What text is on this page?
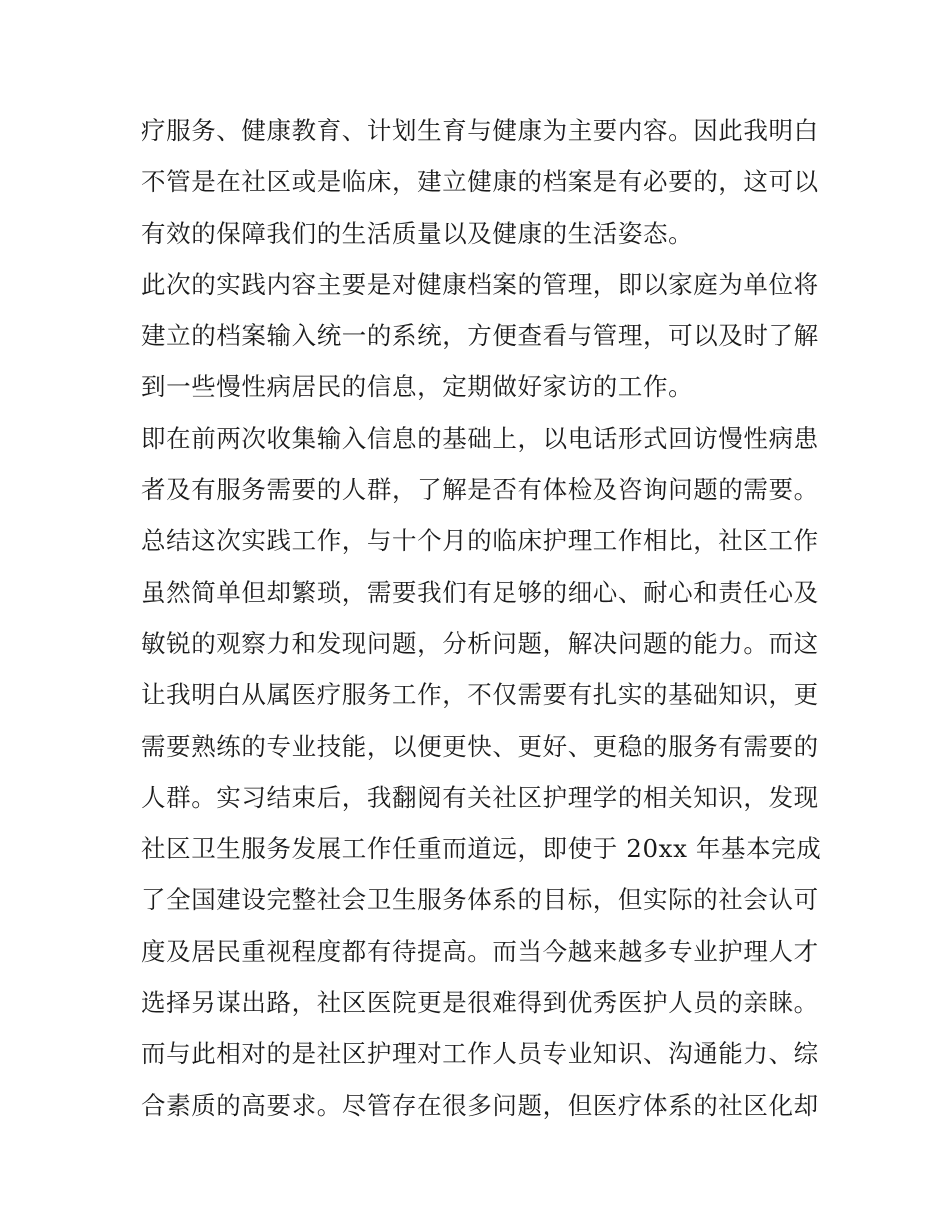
疗服务、健康教育、计划生育与健康为主要内容。因此我明白
不管是在社区或是临床，建立健康的档案是有必要的，这可以
有效的保障我们的生活质量以及健康的生活姿态。
此次的实践内容主要是对健康档案的管理，即以家庭为单位将
建立的档案输入统一的系统，方便查看与管理，可以及时了解
到一些慢性病居民的信息，定期做好家访的工作。
即在前两次收集输入信息的基础上，以电话形式回访慢性病患
者及有服务需要的人群，了解是否有体检及咨询问题的需要。
总结这次实践工作，与十个月的临床护理工作相比，社区工作
虽然简单但却繁琐，需要我们有足够的细心、耐心和责任心及
敏锐的观察力和发现问题，分析问题，解决问题的能力。而这
让我明白从属医疗服务工作，不仅需要有扎实的基础知识，更
需要熟练的专业技能，以便更快、更好、更稳的服务有需要的
人群。实习结束后，我翻阅有关社区护理学的相关知识，发现
社区卫生服务发展工作任重而道远，即使于 20xx 年基本完成
了全国建设完整社会卫生服务体系的目标，但实际的社会认可
度及居民重视程度都有待提高。而当今越来越多专业护理人才
选择另谋出路，社区医院更是很难得到优秀医护人员的亲睐。
而与此相对的是社区护理对工作人员专业知识、沟通能力、综
合素质的高要求。尽管存在很多问题，但医疗体系的社区化却
